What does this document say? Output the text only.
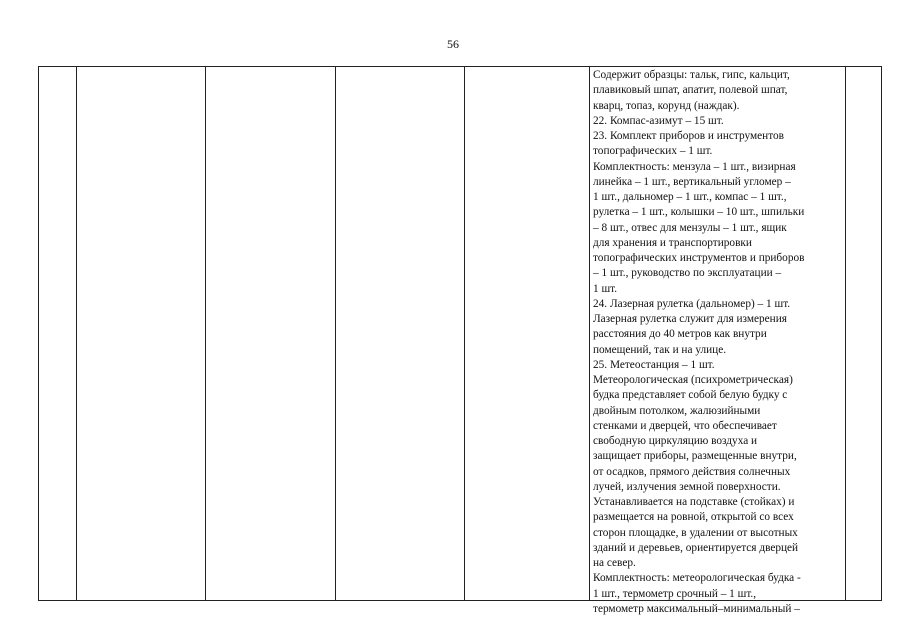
56
Содержит образцы: тальк, гипс, кальцит,
плавиковый шпат, апатит, полевой шпат,
кварц, топаз, корунд (наждак).
22. Компас-азимут – 15 шт.
23. Комплект приборов и инструментов
топографических – 1 шт.
Комплектность: мензула – 1 шт., визирная
линейка – 1 шт., вертикальный угломер –
1 шт., дальномер – 1 шт., компас – 1 шт.,
рулетка – 1 шт., колышки – 10 шт., шпильки
– 8 шт., отвес для мензулы – 1 шт., ящик
для хранения и транспортировки
топографических инструментов и приборов
– 1 шт., руководство по эксплуатации –
1 шт.
24. Лазерная рулетка (дальномер) – 1 шт.
Лазерная рулетка служит для измерения
расстояния до 40 метров как внутри
помещений, так и на улице.
25. Метеостанция – 1 шт.
Метеорологическая (психрометрическая)
будка представляет собой белую будку с
двойным потолком, жалюзийными
стенками и дверцей, что обеспечивает
свободную циркуляцию воздуха и
защищает приборы, размещенные внутри,
от осадков, прямого действия солнечных
лучей, излучения земной поверхности.
Устанавливается на подставке (стойках) и
размещается на ровной, открытой со всех
сторон площадке, в удалении от высотных
зданий и деревьев, ориентируется дверцей
на север.
Комплектность: метеорологическая будка -
1 шт., термометр срочный – 1 шт.,
термометр максимальный–минимальный –
